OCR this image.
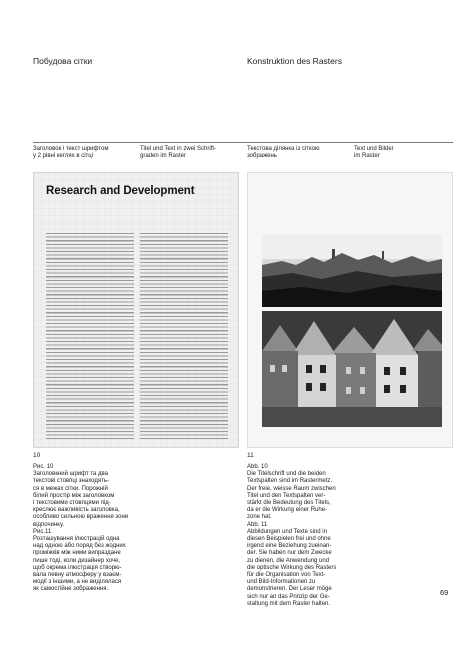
Побудова сітки	Konstruktion des Rasters
Заголовок і текст шрифтом
у 2 рівні кеглях в сітці
Titel und Text in zwei Schrift-
graden im Raster
Текстова ділянка із сіткою
зображень
Text und Bilder
im Raster
Research and Development
10	11
Рис. 10
Заголовкний шрифт та два
текстові стовпці знаходять-
ся в межах сітки. Порожній
білий простір між заголовком
і текстовими стовпцями під-
креслює важливість заголовка,
особливо сильною враження зони
відпочинку.
Рис.11
Розташування ілюстрацій одна
над одною або поряд без жодних
проміжків між ними випраздане
пише тоді, коли дизайнер хоче,
щоб окрема ілюстрація створю-
вала певну атмосферу у взаєм-
модії з іншими, а не виділялася
як самостійне зображення.
Abb. 10
Die Titelschrift und die beiden
Textspalten sind im Rastermetz.
Der freie, weisse Raum zwischen
Titel und den Textspalten ver-
stärkt die Bedeutung des Titels,
da er die Wirkung einer Ruhe-
zone hat.
Abb. 11
Abbildungen und Texte sind in
diesen Beispielen frei und ohne
irgend eine Beziehung zueinan-
der. Sie haben nur dem Zwecke
zu dienen, die Anwendung und
die optische Wirkung des Rasters
für die Organisation von Text-
und Bild-Informationen zu
demonstrieren. Der Leser möge
sich nur an das Prinzip der Ge-
staltung mit dem Raster halten.
69
